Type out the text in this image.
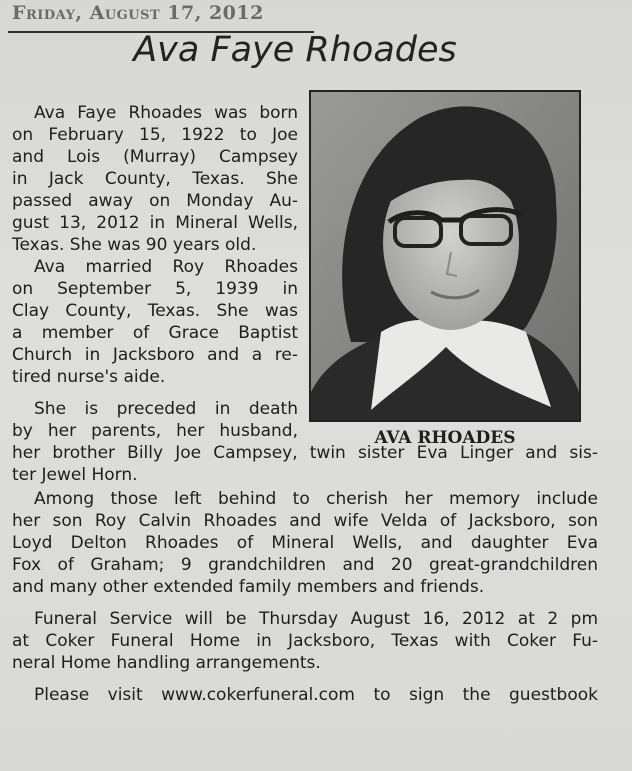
Friday, August 17, 2012
Ava Faye Rhoades
AVA RHOADES
Ava Faye Rhoades was born
on February 15, 1922 to Joe
and Lois (Murray) Campsey
in Jack County, Texas. She
passed away on Monday Au-
gust 13, 2012 in Mineral Wells,
Texas. She was 90 years old.
Ava married Roy Rhoades
on September 5, 1939 in
Clay County, Texas. She was
a member of Grace Baptist
Church in Jacksboro and a re-
tired nurse's aide.
She is preceded in death
by her parents, her husband,
her brother Billy Joe Campsey, twin sister Eva Linger and sis-
ter Jewel Horn.
Among those left behind to cherish her memory include
her son Roy Calvin Rhoades and wife Velda of Jacksboro, son
Loyd Delton Rhoades of Mineral Wells, and daughter Eva
Fox of Graham; 9 grandchildren and 20 great-grandchildren
and many other extended family members and friends.
Funeral Service will be Thursday August 16, 2012 at 2 pm
at Coker Funeral Home in Jacksboro, Texas with Coker Fu-
neral Home handling arrangements.
Please visit www.cokerfuneral.com to sign the guestbook
